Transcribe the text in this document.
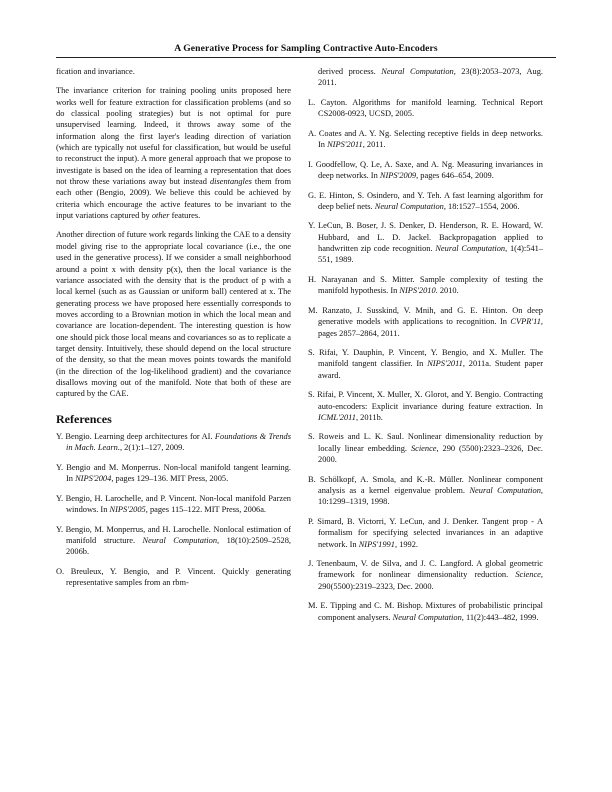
A Generative Process for Sampling Contractive Auto-Encoders

fication and invariance.

The invariance criterion for training pooling units proposed here works well for feature extraction for classification problems (and so do classical pooling strategies) but is not optimal for pure unsupervised learning. Indeed, it throws away some of the information along the first layer's leading direction of variation (which are typically not useful for classification, but would be useful to reconstruct the input). A more general approach that we propose to investigate is based on the idea of learning a representation that does not throw these variations away but instead disentangles them from each other (Bengio, 2009). We believe this could be achieved by criteria which encourage the active features to be invariant to the input variations captured by other features.

Another direction of future work regards linking the CAE to a density model giving rise to the appropriate local covariance (i.e., the one used in the generative process). If we consider a small neighborhood around a point x with density p(x), then the local variance is the variance associated with the density that is the product of p with a local kernel (such as as Gaussian or uniform ball) centered at x. The generating process we have proposed here essentially corresponds to moves according to a Brownian motion in which the local mean and covariance are location-dependent. The interesting question is how one should pick those local means and covariances so as to replicate a target density. Intuitively, these should depend on the local structure of the density, so that the mean moves points towards the manifold (in the direction of the log-likelihood gradient) and the covariance disallows moving out of the manifold. Note that both of these are captured by the CAE.

References
Y. Bengio. Learning deep architectures for AI. Foundations & Trends in Mach. Learn., 2(1):1–127, 2009.
Y. Bengio and M. Monperrus. Non-local manifold tangent learning. In NIPS'2004, pages 129–136. MIT Press, 2005.
Y. Bengio, H. Larochelle, and P. Vincent. Non-local manifold Parzen windows. In NIPS'2005, pages 115–122. MIT Press, 2006a.
Y. Bengio, M. Monperrus, and H. Larochelle. Nonlocal estimation of manifold structure. Neural Computation, 18(10):2509–2528, 2006b.
O. Breuleux, Y. Bengio, and P. Vincent. Quickly generating representative samples from an rbm-
derived process. Neural Computation, 23(8):2053–2073, Aug. 2011.
L. Cayton. Algorithms for manifold learning. Technical Report CS2008-0923, UCSD, 2005.
A. Coates and A. Y. Ng. Selecting receptive fields in deep networks. In NIPS'2011, 2011.
I. Goodfellow, Q. Le, A. Saxe, and A. Ng. Measuring invariances in deep networks. In NIPS'2009, pages 646–654, 2009.
G. E. Hinton, S. Osindero, and Y. Teh. A fast learning algorithm for deep belief nets. Neural Computation, 18:1527–1554, 2006.
Y. LeCun, B. Boser, J. S. Denker, D. Henderson, R. E. Howard, W. Hubbard, and L. D. Jackel. Backpropagation applied to handwritten zip code recognition. Neural Computation, 1(4):541–551, 1989.
H. Narayanan and S. Mitter. Sample complexity of testing the manifold hypothesis. In NIPS'2010. 2010.
M. Ranzato, J. Susskind, V. Mnih, and G. E. Hinton. On deep generative models with applications to recognition. In CVPR'11, pages 2857–2864, 2011.
S. Rifai, Y. Dauphin, P. Vincent, Y. Bengio, and X. Muller. The manifold tangent classifier. In NIPS'2011, 2011a. Student paper award.
S. Rifai, P. Vincent, X. Muller, X. Glorot, and Y. Bengio. Contracting auto-encoders: Explicit invariance during feature extraction. In ICML'2011, 2011b.
S. Roweis and L. K. Saul. Nonlinear dimensionality reduction by locally linear embedding. Science, 290 (5500):2323–2326, Dec. 2000.
B. Schölkopf, A. Smola, and K.-R. Müller. Nonlinear component analysis as a kernel eigenvalue problem. Neural Computation, 10:1299–1319, 1998.
P. Simard, B. Victorri, Y. LeCun, and J. Denker. Tangent prop - A formalism for specifying selected invariances in an adaptive network. In NIPS'1991, 1992.
J. Tenenbaum, V. de Silva, and J. C. Langford. A global geometric framework for nonlinear dimensionality reduction. Science, 290(5500):2319–2323, Dec. 2000.
M. E. Tipping and C. M. Bishop. Mixtures of probabilistic principal component analysers. Neural Computation, 11(2):443–482, 1999.
